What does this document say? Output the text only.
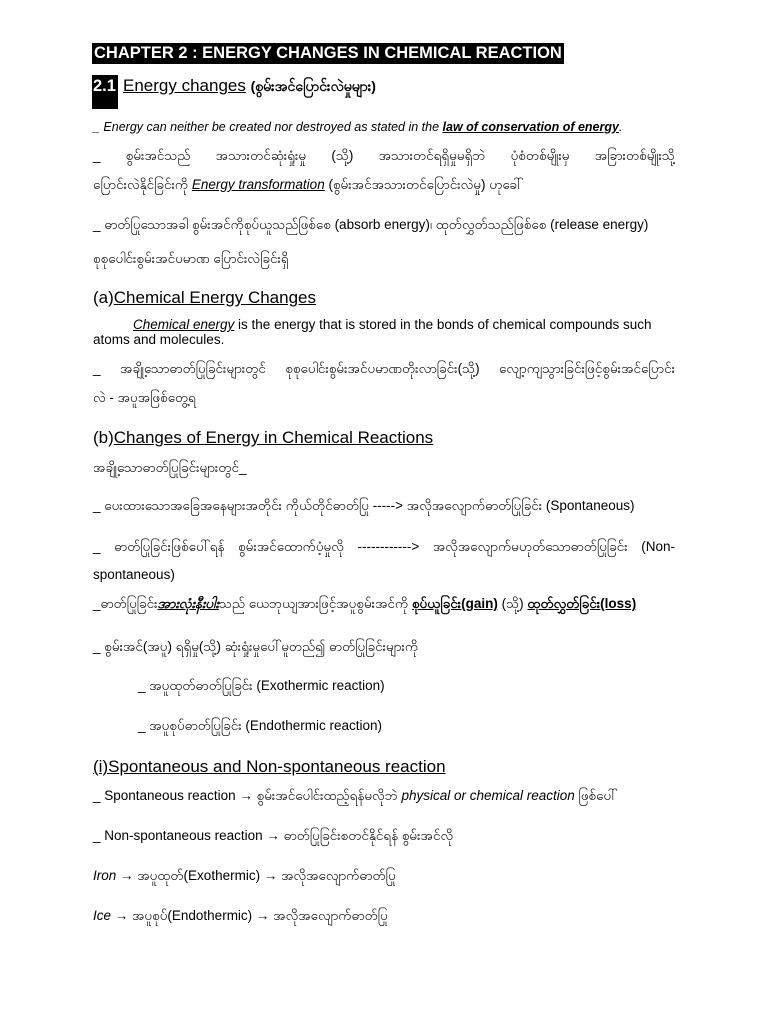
CHAPTER 2 : ENERGY CHANGES IN CHEMICAL REACTION
2.1 Energy changes (စွမ်းအင်ပြောင်းလဲမှုများ)
_ Energy can neither be created nor destroyed as stated in the law of conservation of energy.
_ စွမ်းအင်သည် အသားတင်ဆုံးရှုံးမှု (သို့) အသားတင်ရရှိမှုမရှိဘဲ ပုံစံတစ်မျိုးမှ အခြားတစ်မျိုးသို့
ပြောင်းလဲနိုင်ခြင်းကို Energy transformation (စွမ်းအင်အသားတင်ပြောင်းလဲမှု) ဟုခေါ်
_ ဓာတ်ပြုသောအခါ စွမ်းအင်ကိုစုပ်ယူသည်ဖြစ်စေ (absorb energy)၊ ထုတ်လွှတ်သည်ဖြစ်စေ (release energy)
စုစုပေါင်းစွမ်းအင်ပမာဏ ပြောင်းလဲခြင်းရှိ
(a)Chemical Energy Changes
Chemical energy is the energy that is stored in the bonds of chemical compounds such
atoms and molecules.
_ အချို့သောဓာတ်ပြုခြင်းများတွင် စုစုပေါင်းစွမ်းအင်ပမာဏတိုးလာခြင်း(သို့) လျော့ကျသွားခြင်းဖြင့်စွမ်းအင်ပြောင်း
လဲ - အပူအဖြစ်တွေ့ရ
(b)Changes of Energy in Chemical Reactions
အချို့သောဓာတ်ပြုခြင်းများတွင်_
_ ပေးထားသောအခြေအနေများအတိုင်း ကိုယ်တိုင်ဓာတ်ပြု -----> အလိုအလျောက်ဓာတ်ပြုခြင်း (Spontaneous)
_ ဓာတ်ပြုခြင်းဖြစ်ပေါ်ရန် စွမ်းအင်ထောက်ပံ့မှုလို ------------> အလိုအလျောက်မဟုတ်သောဓာတ်ပြုခြင်း (Non-
spontaneous)
_ဓာတ်ပြုခြင်းအားလုံးနီးပါးသည် ယေဘုယျအားဖြင့်အပူစွမ်းအင်ကို စုပ်ယူခြင်း(gain) (သို့) ထုတ်လွှတ်ခြင်း(loss)
_ စွမ်းအင်(အပူ) ရရှိမှု(သို့) ဆုံးရှုံးမှုပေါ်မူတည်၍ ဓာတ်ပြုခြင်းများကို
_ အပူထုတ်ဓာတ်ပြုခြင်း (Exothermic reaction)
_ အပူစုပ်ဓာတ်ပြုခြင်း (Endothermic reaction)
(i)Spontaneous and Non-spontaneous reaction
_ Spontaneous reaction → စွမ်းအင်ပေါင်းထည့်ရန်မလိုဘဲ physical or chemical reaction ဖြစ်ပေါ်
_ Non-spontaneous reaction → ဓာတ်ပြုခြင်းစတင်နိုင်ရန် စွမ်းအင်လို
Iron → အပူထုတ်(Exothermic) → အလိုအလျောက်ဓာတ်ပြု
Ice → အပူစုပ်(Endothermic) → အလိုအလျောက်ဓာတ်ပြု
